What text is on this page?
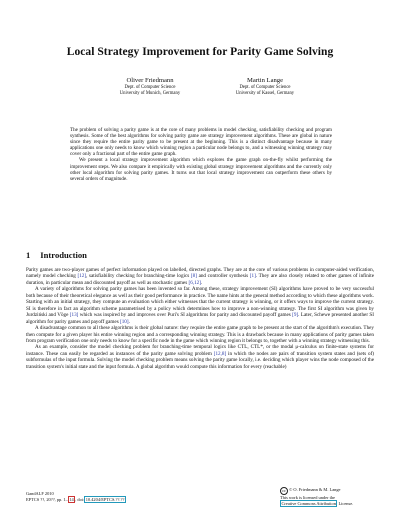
Local Strategy Improvement for Parity Game Solving
Oliver Friedmann
Dept. of Computer Science
University of Munich, Germany
Martin Lange
Dept. of Computer Science
University of Kassel, Germany

The problem of solving a parity game is at the core of many problems in model checking, satisfiability checking and program synthesis. Some of the best algorithms for solving parity game are strategy improvement algorithms. These are global in nature since they require the entire parity game to be present at the beginning. This is a distinct disadvantage because in many applications one only needs to know which winning region a particular node belongs to, and a witnessing winning strategy may cover only a fractional part of the entire game graph.

We present a local strategy improvement algorithm which explores the game graph on-the-fly whilst performing the improvement steps. We also compare it empirically with existing global strategy improvement algorithms and the currently only other local algorithm for solving parity games. It turns out that local strategy improvement can outperform these others by several orders of magnitude.

1 Introduction

Parity games are two-player games of perfect information played on labelled, directed graphs. They are at the core of various problems in computer-aided verification, namely model checking [12], satisfiability checking for branching-time logics [8] and controller synthesis [1]. They are also closely related to other games of infinite duration, in particular mean and discounted payoff as well as stochastic games [6,12].

A variety of algorithms for solving parity games has been invented so far. Among these, strategy improvement (SI) algorithms have proved to be very successful both because of their theoretical elegance as well as their good performance in practice. The name hints at the general method according to which these algorithms work. Starting with an initial strategy, they compute an evaluation which either witnesses that the current strategy is winning, or it offers ways to improve the current strategy. SI is therefore in fact an algorithm scheme parametrised by a policy which determines how to improve a non-winning strategy. The first SI algorithm was given by Jurdziński and Vöge [13] which was inspired by and improves over Puri's SI algorithms for parity and discounted payoff games [9]. Later, Schewe presented another SI algorithm for parity games and payoff games [10].

A disadvantage common to all these algorithms is their global nature: they require the entire game graph to be present at the start of the algorithm's execution. They then compute for a given player his entire winning region and a corresponding winning strategy. This is a drawback because in many applications of parity games taken from program verification one only needs to know for a specific node in the game which winning region it belongs to, together with a winning strategy witnessing this.

As an example, consider the model checking problem for branching-time temporal logics like CTL, CTL*, or the modal μ-calculus on finite-state systems for instance. These can easily be regarded as instances of the parity game solving problem [12,8] in which the nodes are pairs of transition system states and (sets of) subformulas of the input formula. Solving the model checking problem means solving the parity game locally, i.e. deciding which player wins the node composed of the transition system's initial state and the input formula. A global algorithm would compute this information for every (reachable)

GandALF 2010
EPTCS ??, 20??, pp. 1– 14 , doi: 10.4204/EPTCS.??.??
cc © O. Friedmann & M. Lange
This work is licensed under the
Creative Commons Attribution License.
